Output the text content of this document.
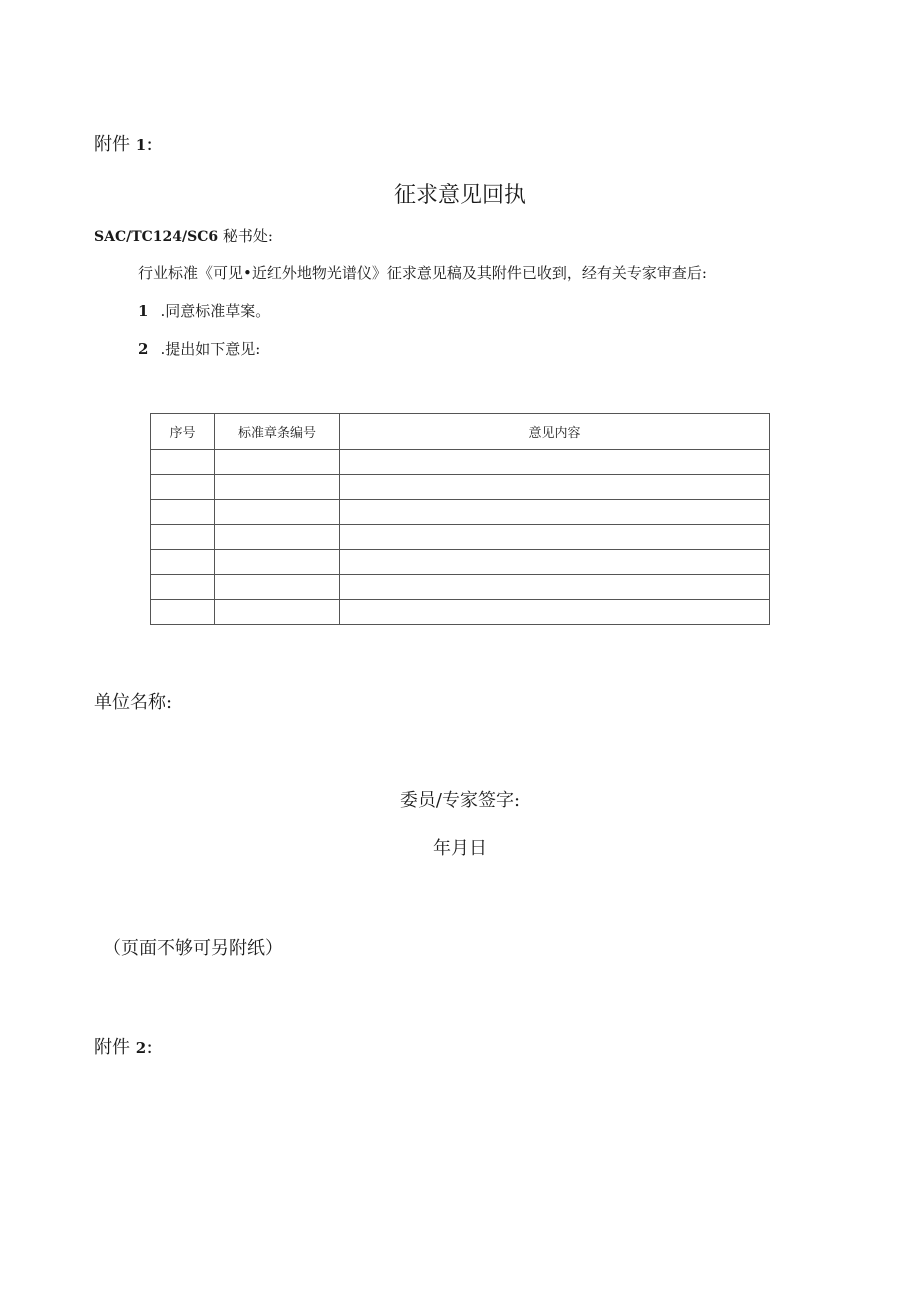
附件 1：
征求意见回执
SAC/TC124/SC6 秘书处:
行业标准《可见•近红外地物光谱仪》征求意见稿及其附件已收到，经有关专家审查后:
1 .同意标准草案。
2 .提出如下意见:
序号	标准章条编号	意见内容

单位名称:
委员/专家签字:
年月日
（页面不够可另附纸）
附件 2：
